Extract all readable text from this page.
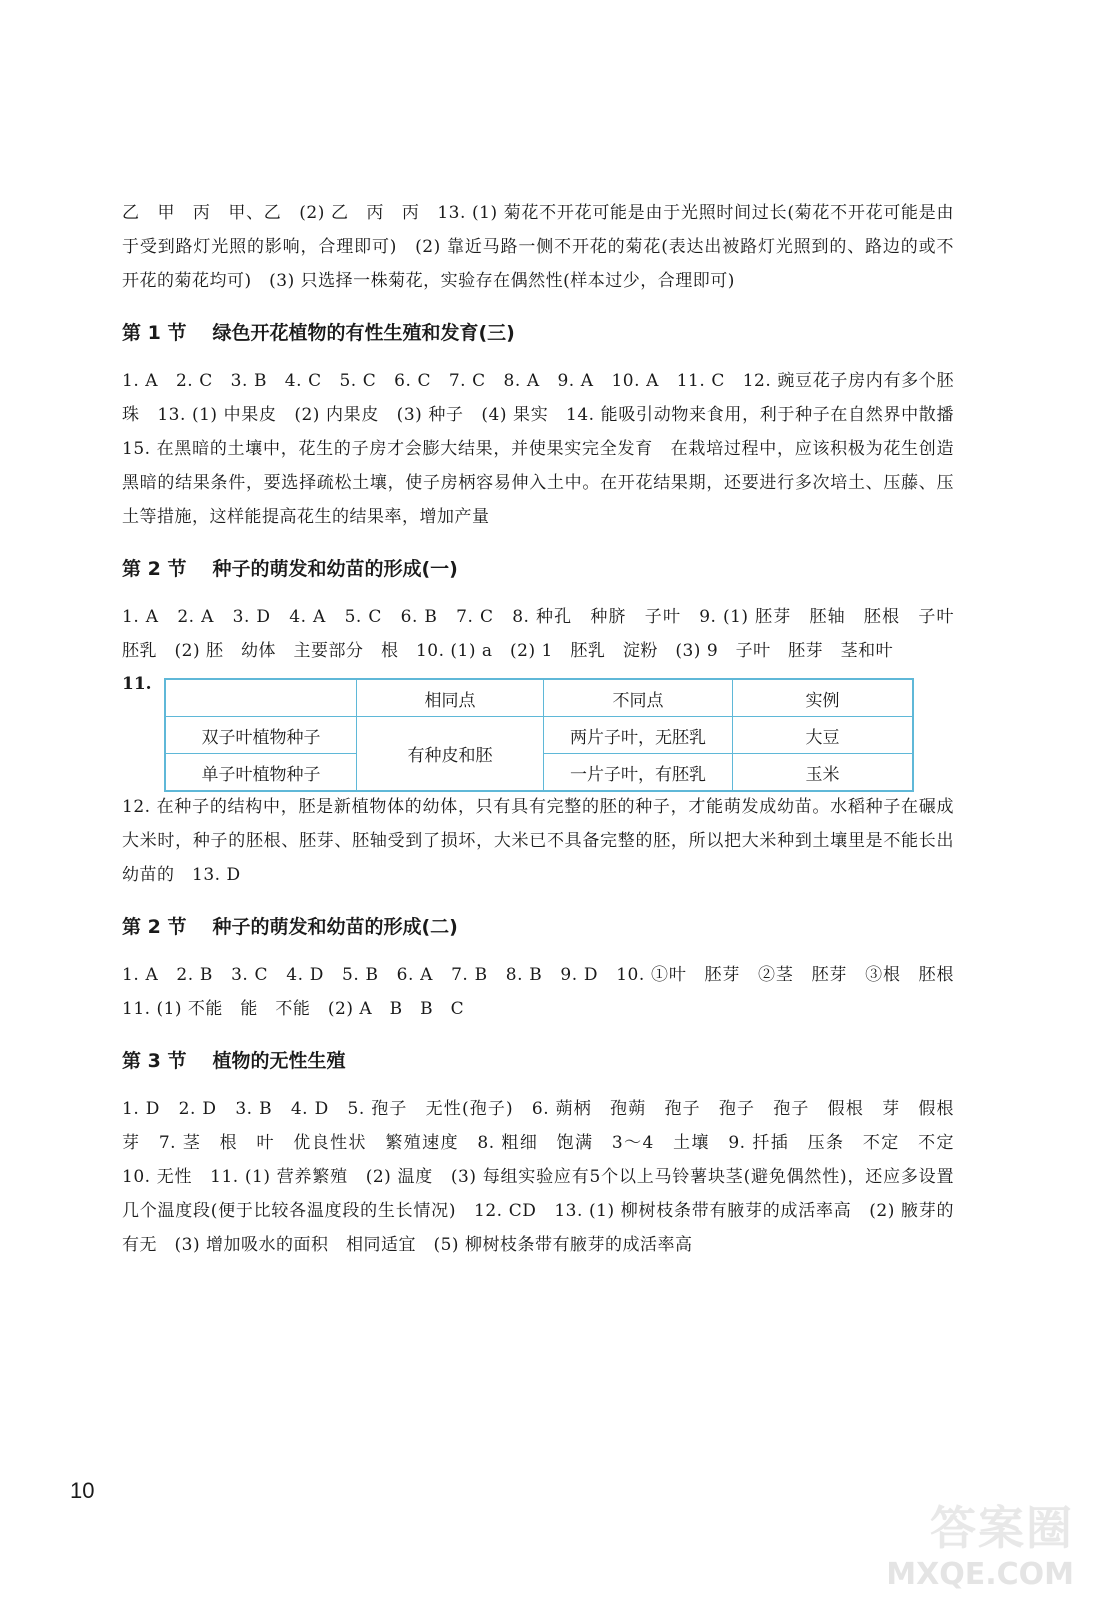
乙　甲　丙　甲、乙　(2) 乙　丙　丙　13. (1) 菊花不开花可能是由于光照时间过长(菊花不开花可能是由于受到路灯光照的影响，合理即可)　(2) 靠近马路一侧不开花的菊花(表达出被路灯光照到的、路边的或不开花的菊花均可)　(3) 只选择一株菊花，实验存在偶然性(样本过少，合理即可)

第 1 节 绿色开花植物的有性生殖和发育(三)

1. A　2. C　3. B　4. C　5. C　6. C　7. C　8. A　9. A　10. A　11. C　12. 豌豆花子房内有多个胚珠　13. (1) 中果皮　(2) 内果皮　(3) 种子　(4) 果实　14. 能吸引动物来食用，利于种子在自然界中散播　15. 在黑暗的土壤中，花生的子房才会膨大结果，并使果实完全发育　在栽培过程中，应该积极为花生创造黑暗的结果条件，要选择疏松土壤，使子房柄容易伸入土中。在开花结果期，还要进行多次培土、压藤、压土等措施，这样能提高花生的结果率，增加产量

第 2 节 种子的萌发和幼苗的形成(一)

1. A　2. A　3. D　4. A　5. C　6. B　7. C　8. 种孔　种脐　子叶　9. (1) 胚芽　胚轴　胚根　子叶　胚乳　(2) 胚　幼体　主要部分　根　10. (1) a　(2) 1　胚乳　淀粉　(3) 9　子叶　胚芽　茎和叶

11.
	相同点	不同点	实例
双子叶植物种子	有种皮和胚	两片子叶，无胚乳	大豆
单子叶植物种子		一片子叶，有胚乳	玉米

12. 在种子的结构中，胚是新植物体的幼体，只有具有完整的胚的种子，才能萌发成幼苗。水稻种子在碾成大米时，种子的胚根、胚芽、胚轴受到了损坏，大米已不具备完整的胚，所以把大米种到土壤里是不能长出幼苗的　13. D

第 2 节 种子的萌发和幼苗的形成(二)

1. A　2. B　3. C　4. D　5. B　6. A　7. B　8. B　9. D　10. ①叶　胚芽　②茎　胚芽　③根　胚根　11. (1) 不能　能　不能　(2) A　B　B　C

第 3 节 植物的无性生殖

1. D　2. D　3. B　4. D　5. 孢子　无性(孢子)　6. 蒴柄　孢蒴　孢子　孢子　孢子　假根　芽　假根　芽　7. 茎　根　叶　优良性状　繁殖速度　8. 粗细　饱满　3～4　土壤　9. 扦插　压条　不定　不定　10. 无性　11. (1) 营养繁殖　(2) 温度　(3) 每组实验应有5个以上马铃薯块茎(避免偶然性)，还应多设置几个温度段(便于比较各温度段的生长情况)　12. CD　13. (1) 柳树枝条带有腋芽的成活率高　(2) 腋芽的有无　(3) 增加吸水的面积　相同适宜　(5) 柳树枝条带有腋芽的成活率高

10
答案圈
MXQE.COM
